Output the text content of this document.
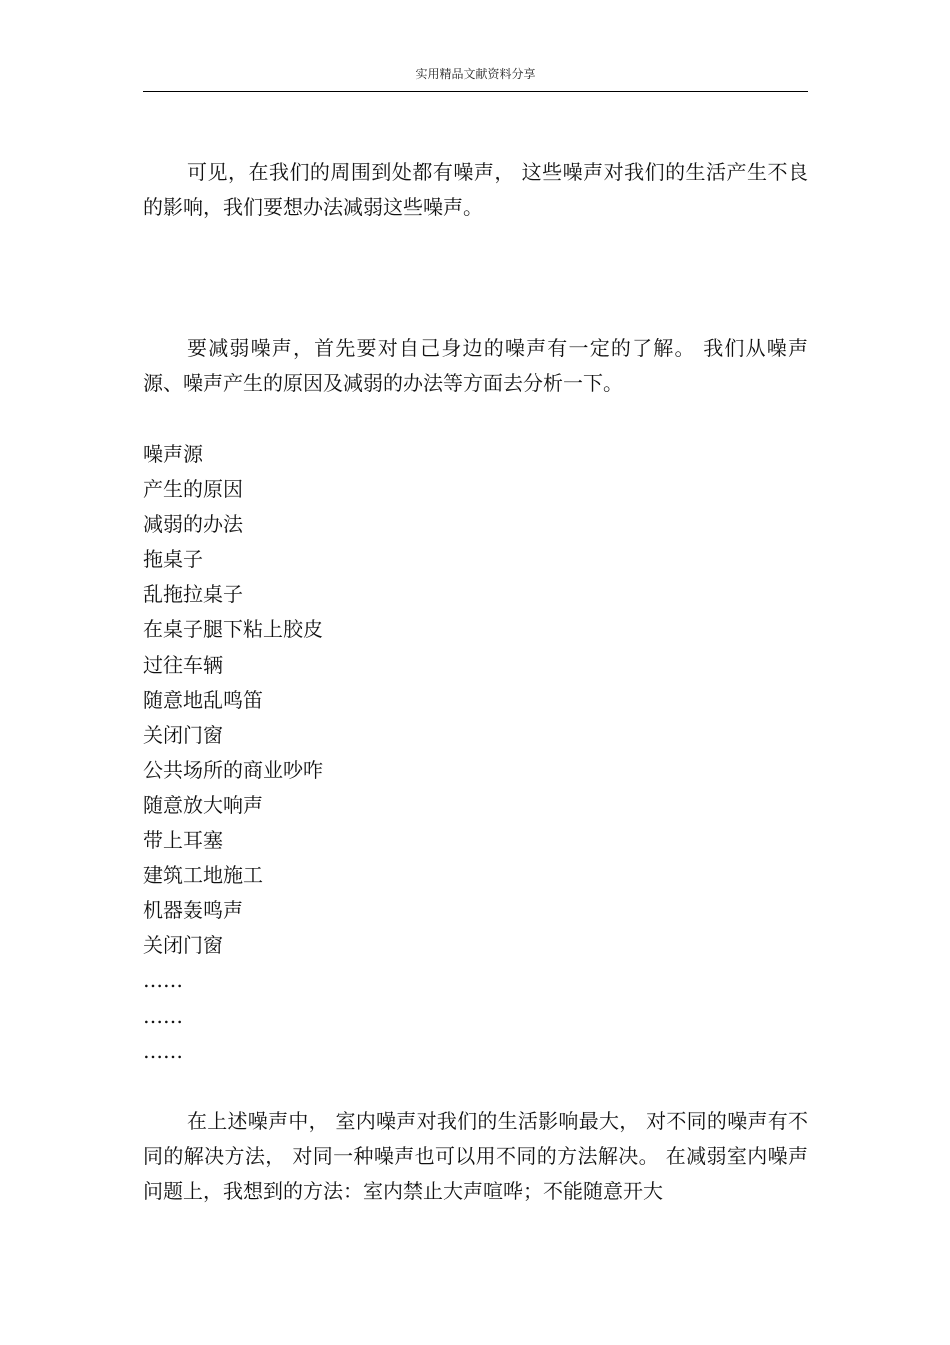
实用精品文献资料分享

可见，在我们的周围到处都有噪声， 这些噪声对我们的生活产生不良的影响，我们要想办法减弱这些噪声。

要减弱噪声，首先要对自己身边的噪声有一定的了解。 我们从噪声源、噪声产生的原因及减弱的办法等方面去分析一下。

噪声源
产生的原因
减弱的办法
拖桌子
乱拖拉桌子
在桌子腿下粘上胶皮
过往车辆
随意地乱鸣笛
关闭门窗
公共场所的商业吵咋
随意放大响声
带上耳塞
建筑工地施工
机器轰鸣声
关闭门窗
……
……
……

在上述噪声中， 室内噪声对我们的生活影响最大， 对不同的噪声有不同的解决方法， 对同一种噪声也可以用不同的方法解决。 在减弱室内噪声问题上，我想到的方法：室内禁止大声喧哗；不能随意开大
